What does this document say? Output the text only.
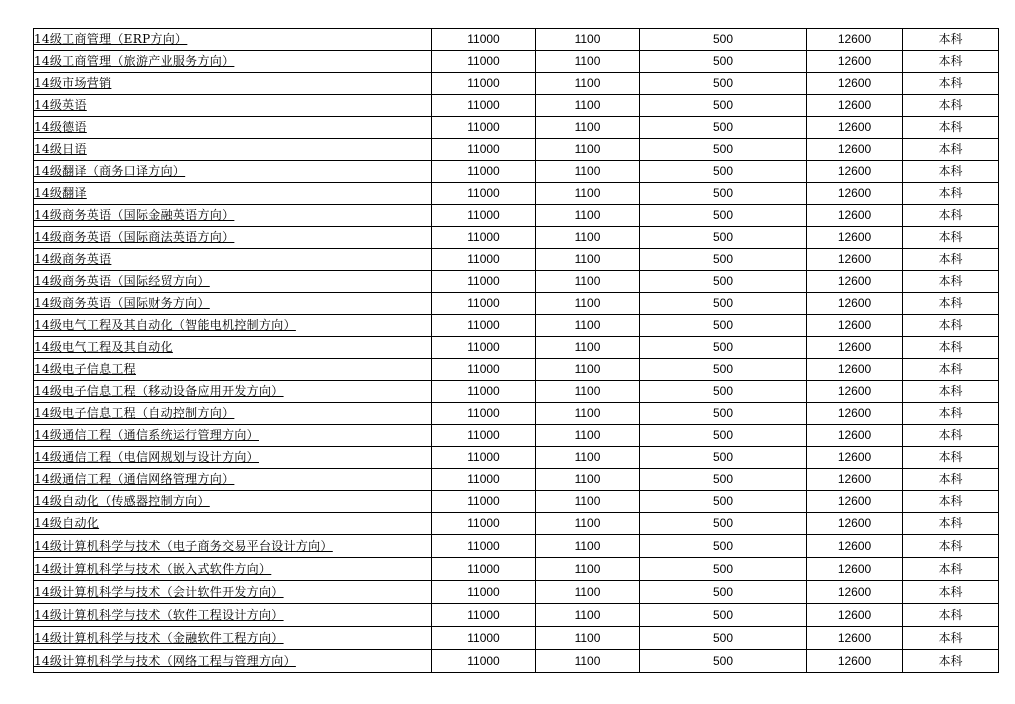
14级工商管理（ERP方向）	11000	1100	500	12600	本科
14级工商管理（旅游产业服务方向）	11000	1100	500	12600	本科
14级市场营销	11000	1100	500	12600	本科
14级英语	11000	1100	500	12600	本科
14级德语	11000	1100	500	12600	本科
14级日语	11000	1100	500	12600	本科
14级翻译（商务口译方向）	11000	1100	500	12600	本科
14级翻译	11000	1100	500	12600	本科
14级商务英语（国际金融英语方向）	11000	1100	500	12600	本科
14级商务英语（国际商法英语方向）	11000	1100	500	12600	本科
14级商务英语	11000	1100	500	12600	本科
14级商务英语（国际经贸方向）	11000	1100	500	12600	本科
14级商务英语（国际财务方向）	11000	1100	500	12600	本科
14级电气工程及其自动化（智能电机控制方向）	11000	1100	500	12600	本科
14级电气工程及其自动化	11000	1100	500	12600	本科
14级电子信息工程	11000	1100	500	12600	本科
14级电子信息工程（移动设备应用开发方向）	11000	1100	500	12600	本科
14级电子信息工程（自动控制方向）	11000	1100	500	12600	本科
14级通信工程（通信系统运行管理方向）	11000	1100	500	12600	本科
14级通信工程（电信网规划与设计方向）	11000	1100	500	12600	本科
14级通信工程（通信网络管理方向）	11000	1100	500	12600	本科
14级自动化（传感器控制方向）	11000	1100	500	12600	本科
14级自动化	11000	1100	500	12600	本科
14级计算机科学与技术（电子商务交易平台设计方向）	11000	1100	500	12600	本科
14级计算机科学与技术（嵌入式软件方向）	11000	1100	500	12600	本科
14级计算机科学与技术（会计软件开发方向）	11000	1100	500	12600	本科
14级计算机科学与技术（软件工程设计方向）	11000	1100	500	12600	本科
14级计算机科学与技术（金融软件工程方向）	11000	1100	500	12600	本科
14级计算机科学与技术（网络工程与管理方向）	11000	1100	500	12600	本科
